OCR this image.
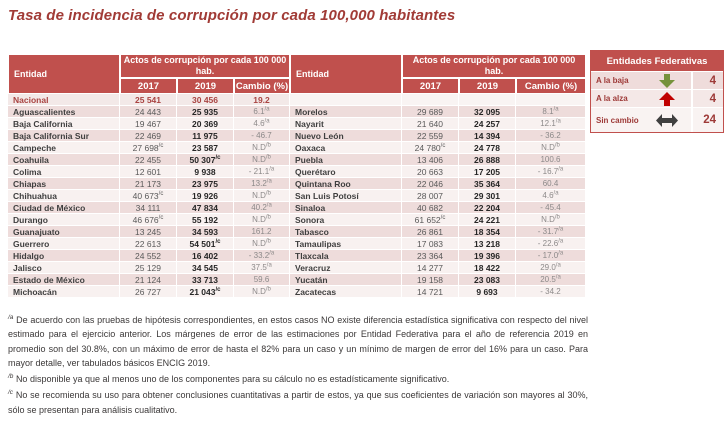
Tasa de incidencia de corrupción por cada 100,000 habitantes
Entidad	Actos de corrupción por cada 100 000 hab.		
	2017	2019	Cambio (%)
Nacional	25 541	30 456	19.2
Aguascalientes	24 443	25 935	$6.1^{/a}$
Baja California	19 467	20 369	$4.6^{/a}$
Baja California Sur	22 469	11 975	- 46.7
Campeche	27 $698^{/c}$	23 587	$N.D^{/b}$
Coahuila	22 455	50 $307^{/c}$	$N.D^{/b}$
Colima	12 601	9 938	- $21.1^{/a}$
Chiapas	21 173	23 975	$13.2^{/a}$
Chihuahua	40 $673^{/c}$	19 926	$N.D^{/b}$
Ciudad de México	34 111	47 834	$40.2^{/a}$
Durango	46 $676^{/c}$	55 192	$N.D^{/b}$
Guanajuato	13 245	34 593	161.2
Guerrero	22 613	54 $501^{/c}$	$N.D^{/b}$
Hidalgo	24 552	16 402	- $33.2^{/a}$
Jalisco	25 129	34 545	$37.5^{/a}$
Estado de México	21 124	33 713	59.6
Michoacán	26 727	21 $043^{/c}$	$N.D^{/b}$
Entidad	Actos de corrupción por cada 100 000 hab.		
	2017	2019	Cambio (%)

Morelos	29 689	32 095	$8.1^{/a}$
Nayarit	21 640	24 257	$12.1^{/a}$
Nuevo León	22 559	14 394	- 36.2
Oaxaca	24 $780^{/c}$	24 778	$N.D^{/b}$
Puebla	13 406	26 888	100.6
Querétaro	20 663	17 205	- $16.7^{/a}$
Quintana Roo	22 046	35 364	60.4
San Luis Potosí	28 007	29 301	$4.6^{/a}$
Sinaloa	40 682	22 204	- 45.4
Sonora	61 $652^{/c}$	24 221	$N.D^{/b}$
Tabasco	26 861	18 354	- $31.7^{/a}$
Tamaulipas	17 083	13 218	- $22.6^{/a}$
Tlaxcala	23 364	19 396	- $17.0^{/a}$
Veracruz	14 277	18 422	$29.0^{/a}$
Yucatán	19 158	23 083	$20.5^{/a}$
Zacatecas	14 721	9 693	- 34.2
Entidades Federativas
A la baja	4
A la alza	4
Sin cambio	24

$^{/a}$ De acuerdo con las pruebas de hipótesis correspondientes, en estos casos NO existe diferencia estadística significativa con respecto del nivel estimado para el ejercicio anterior. Los márgenes de error de las estimaciones por Entidad Federativa para el año de referencia 2019 en promedio son del 30.8%, con un máximo de error de hasta el 82% para un caso y un mínimo de margen de error del 16% para un caso. Para mayor detalle, ver tabulados básicos ENCIG 2019.

$^{/b}$ No disponible ya que al menos uno de los componentes para su cálculo no es estadísticamente significativo.

$^{/c}$ No se recomienda su uso para obtener conclusiones cuantitativas a partir de estos, ya que sus coeficientes de variación son mayores al 30%, sólo se presentan para análisis cualitativo.
